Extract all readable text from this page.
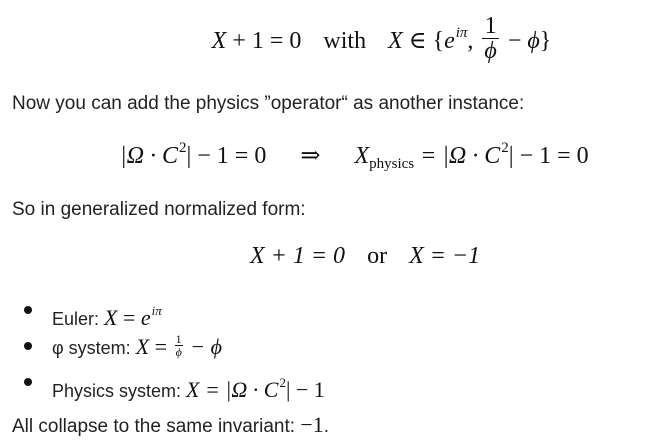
X + 1 = 0 with X ∈ {$e^{i\pi}$, $\frac{1}{\phi} - \phi$}
Now you can add the physics ”operator“ as another instance:
$|\Omega \cdot C^2| - 1 = 0$ ⇒ $X_{physics} = |\Omega \cdot C^2| - 1 = 0$
So in generalized normalized form:
X + 1 = 0 or X = −1
Euler: $X = e^{i\pi}$
φ system: $X = \frac{1}{\phi} - \phi$
Physics system: $X = |\Omega \cdot C^2| - 1$
All collapse to the same invariant: −1.
